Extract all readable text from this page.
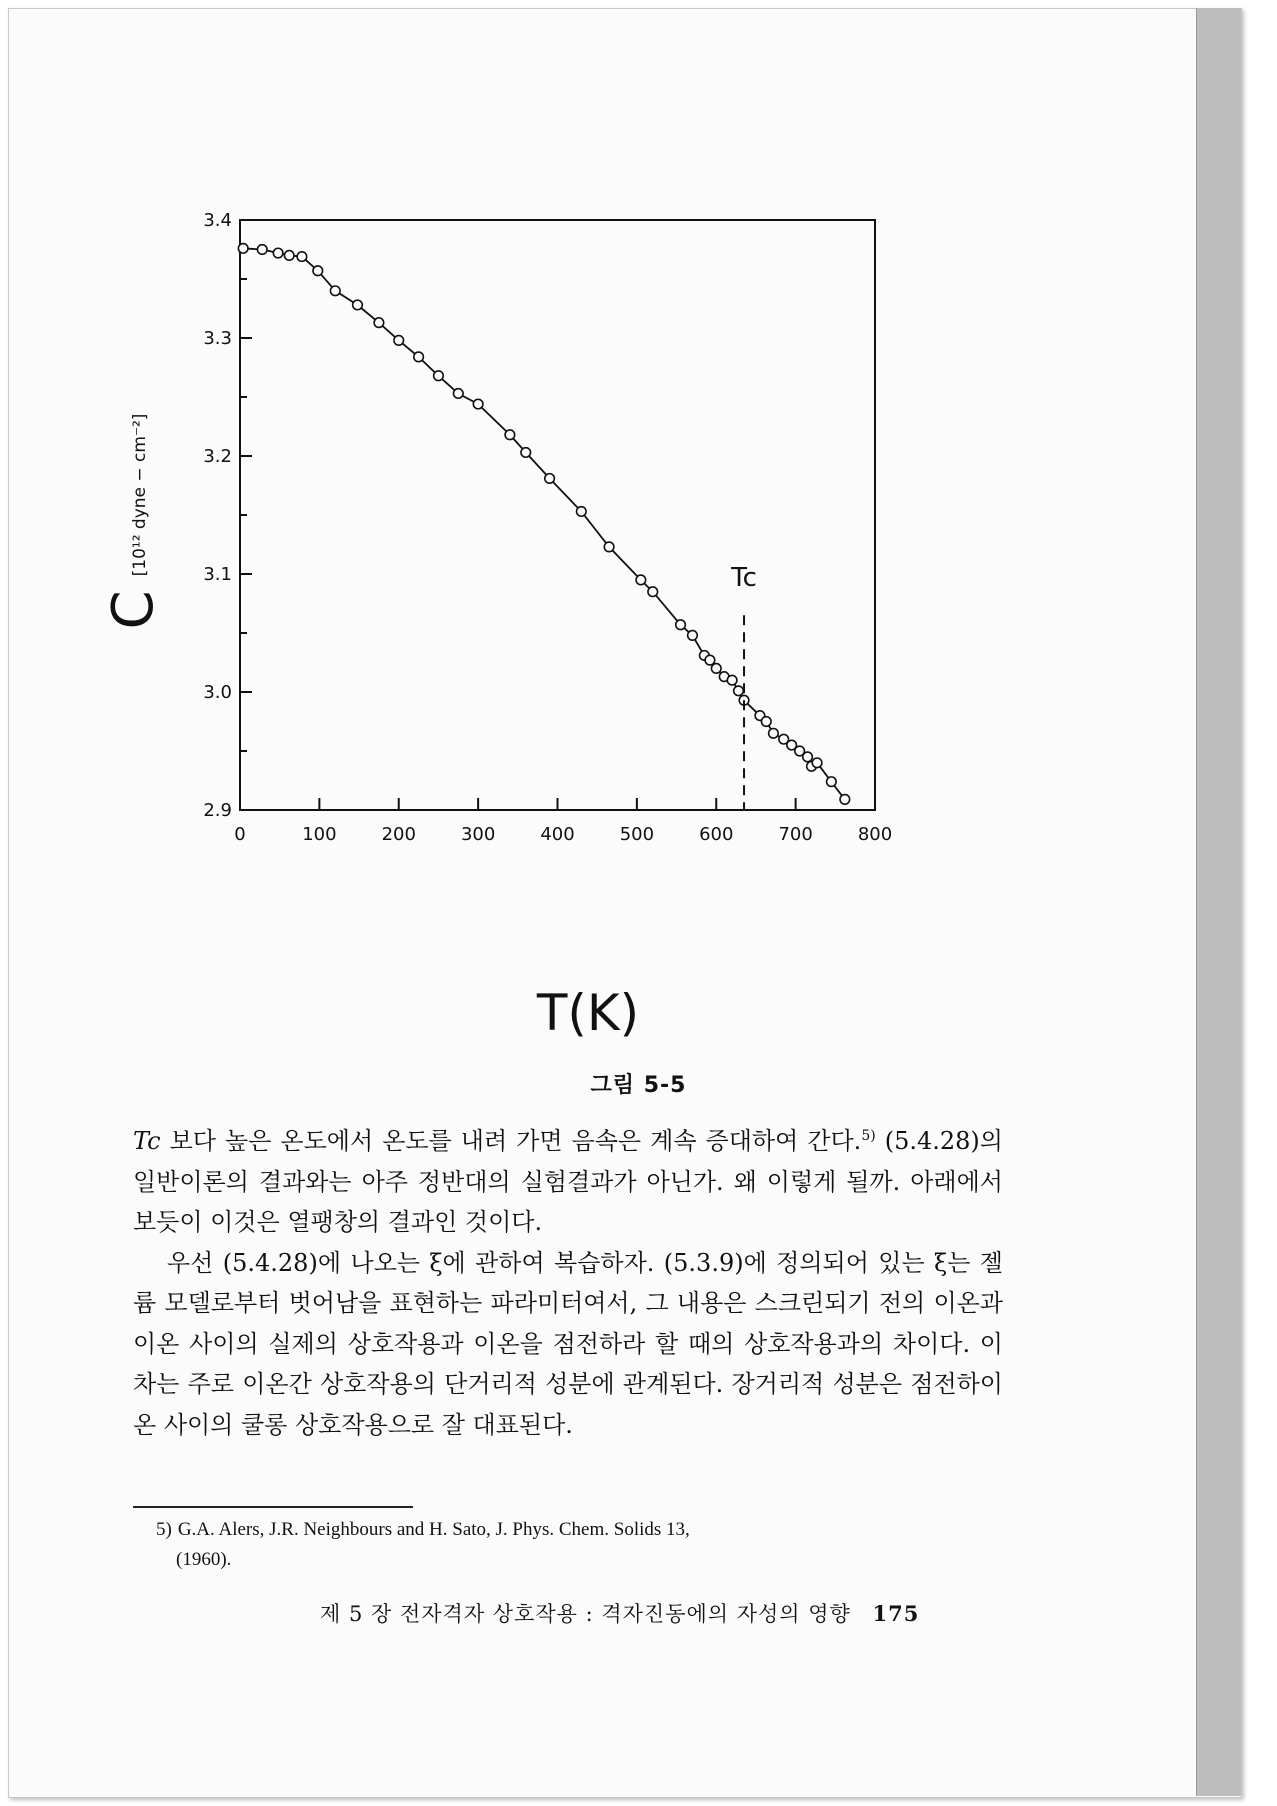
C
[10¹² dyne − cm⁻²]
T(K)
0	100	200	300	400	500	600	700	800
2.9
3.0
3.1
3.2
3.3
3.4
Tc
그림 5-5

Tc 보다 높은 온도에서 온도를 내려 가면 음속은 계속 증대하여 간다.$^{5)}$ (5.4.28)의 일반이론의 결과와는 아주 정반대의 실험결과가 아닌가. 왜 이렇게 될까. 아래에서 보듯이 이것은 열팽창의 결과인 것이다.

우선 (5.4.28)에 나오는 ξ에 관하여 복습하자. (5.3.9)에 정의되어 있는 ξ는 젤륨 모델로부터 벗어남을 표현하는 파라미터여서, 그 내용은 스크린되기 전의 이온과 이온 사이의 실제의 상호작용과 이온을 점전하라 할 때의 상호작용과의 차이다. 이 차는 주로 이온간 상호작용의 단거리적 성분에 관계된다. 장거리적 성분은 점전하이온 사이의 쿨롱 상호작용으로 잘 대표된다.

5) G.A. Alers, J.R. Neighbours and H. Sato, J. Phys. Chem. Solids 13,
(1960).
제 5 장 전자격자 상호작용 : 격자진동에의 자성의 영향 175
